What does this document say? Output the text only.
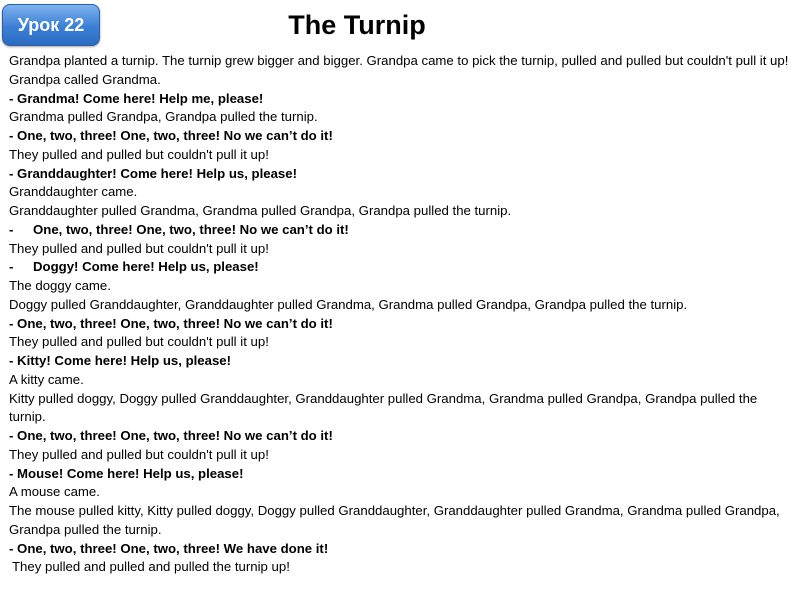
Урок 22	The Turnip
Grandpa planted a turnip. The turnip grew bigger and bigger. Grandpa came to pick the turnip, pulled and pulled but couldn't pull it up!
Grandpa called Grandma.
- Grandma! Come here! Help me, please!
Grandma pulled Grandpa, Grandpa pulled the turnip.
- One, two, three! One, two, three! No we can’t do it!
They pulled and pulled but couldn't pull it up!
- Granddaughter! Come here! Help us, please!
Granddaughter came.
Granddaughter pulled Grandma, Grandma pulled Grandpa, Grandpa pulled the turnip.
- One, two, three! One, two, three! No we can’t do it!
They pulled and pulled but couldn't pull it up!
- Doggy! Come here! Help us, please!
The doggy came.
Doggy pulled Granddaughter, Granddaughter pulled Grandma, Grandma pulled Grandpa, Grandpa pulled the turnip.
- One, two, three! One, two, three! No we can’t do it!
They pulled and pulled but couldn't pull it up!
- Kitty! Come here! Help us, please!
A kitty came.
Kitty pulled doggy, Doggy pulled Granddaughter, Granddaughter pulled Grandma, Grandma pulled Grandpa, Grandpa pulled the turnip.
- One, two, three! One, two, three! No we can’t do it!
They pulled and pulled but couldn't pull it up!
- Mouse! Come here! Help us, please!
A mouse came.
The mouse pulled kitty, Kitty pulled doggy, Doggy pulled Granddaughter, Granddaughter pulled Grandma, Grandma pulled Grandpa, Grandpa pulled the turnip.
- One, two, three! One, two, three! We have done it!
They pulled and pulled and pulled the turnip up!
